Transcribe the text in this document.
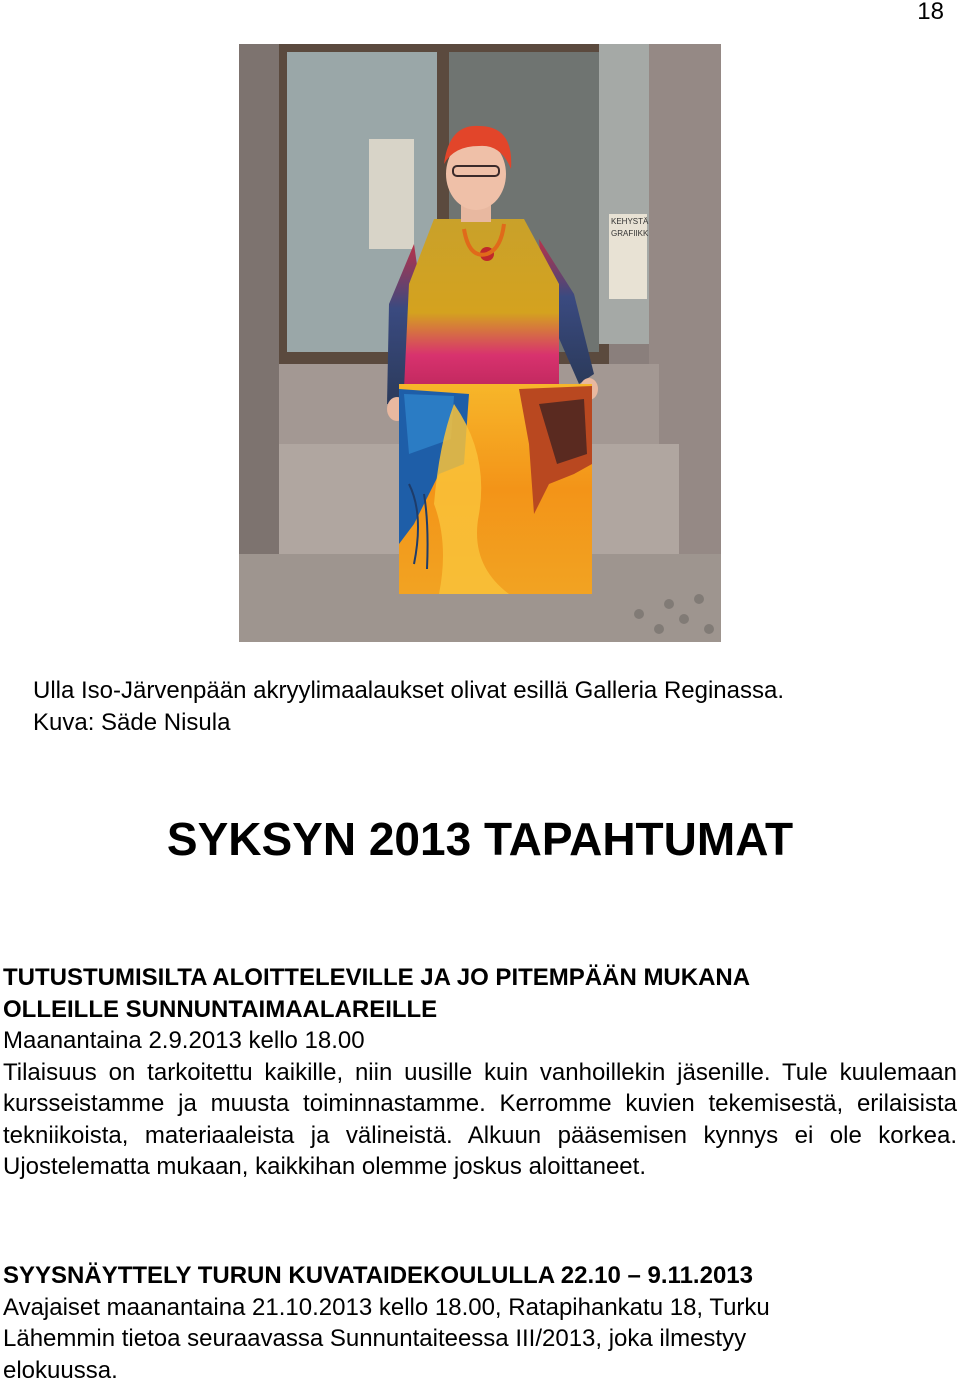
18
KEHYSTÄ
GRAFIIKK
Ulla Iso-Järvenpään akryylimaalaukset olivat esillä Galleria Reginassa.
Kuva: Säde Nisula
SYKSYN 2013 TAPAHTUMAT
TUTUSTUMISILTA ALOITTELEVILLE JA JO PITEMPÄÄN MUKANA
OLLEILLE SUNNUNTAIMAALAREILLE
Maanantaina 2.9.2013 kello 18.00
Tilaisuus on tarkoitettu kaikille, niin uusille kuin vanhoillekin jäsenille. Tule kuulemaan kursseistamme ja muusta toiminnastamme. Kerromme kuvien tekemisestä, erilaisista tekniikoista, materiaaleista ja välineistä. Alkuun pääsemisen kynnys ei ole korkea. Ujostelematta mukaan, kaikkihan olemme joskus aloittaneet.
SYYSNÄYTTELY TURUN KUVATAIDEKOULULLA 22.10 – 9.11.2013
Avajaiset maanantaina 21.10.2013 kello 18.00, Ratapihankatu 18, Turku
Lähemmin tietoa seuraavassa Sunnuntaiteessa III/2013, joka ilmestyy
elokuussa.
